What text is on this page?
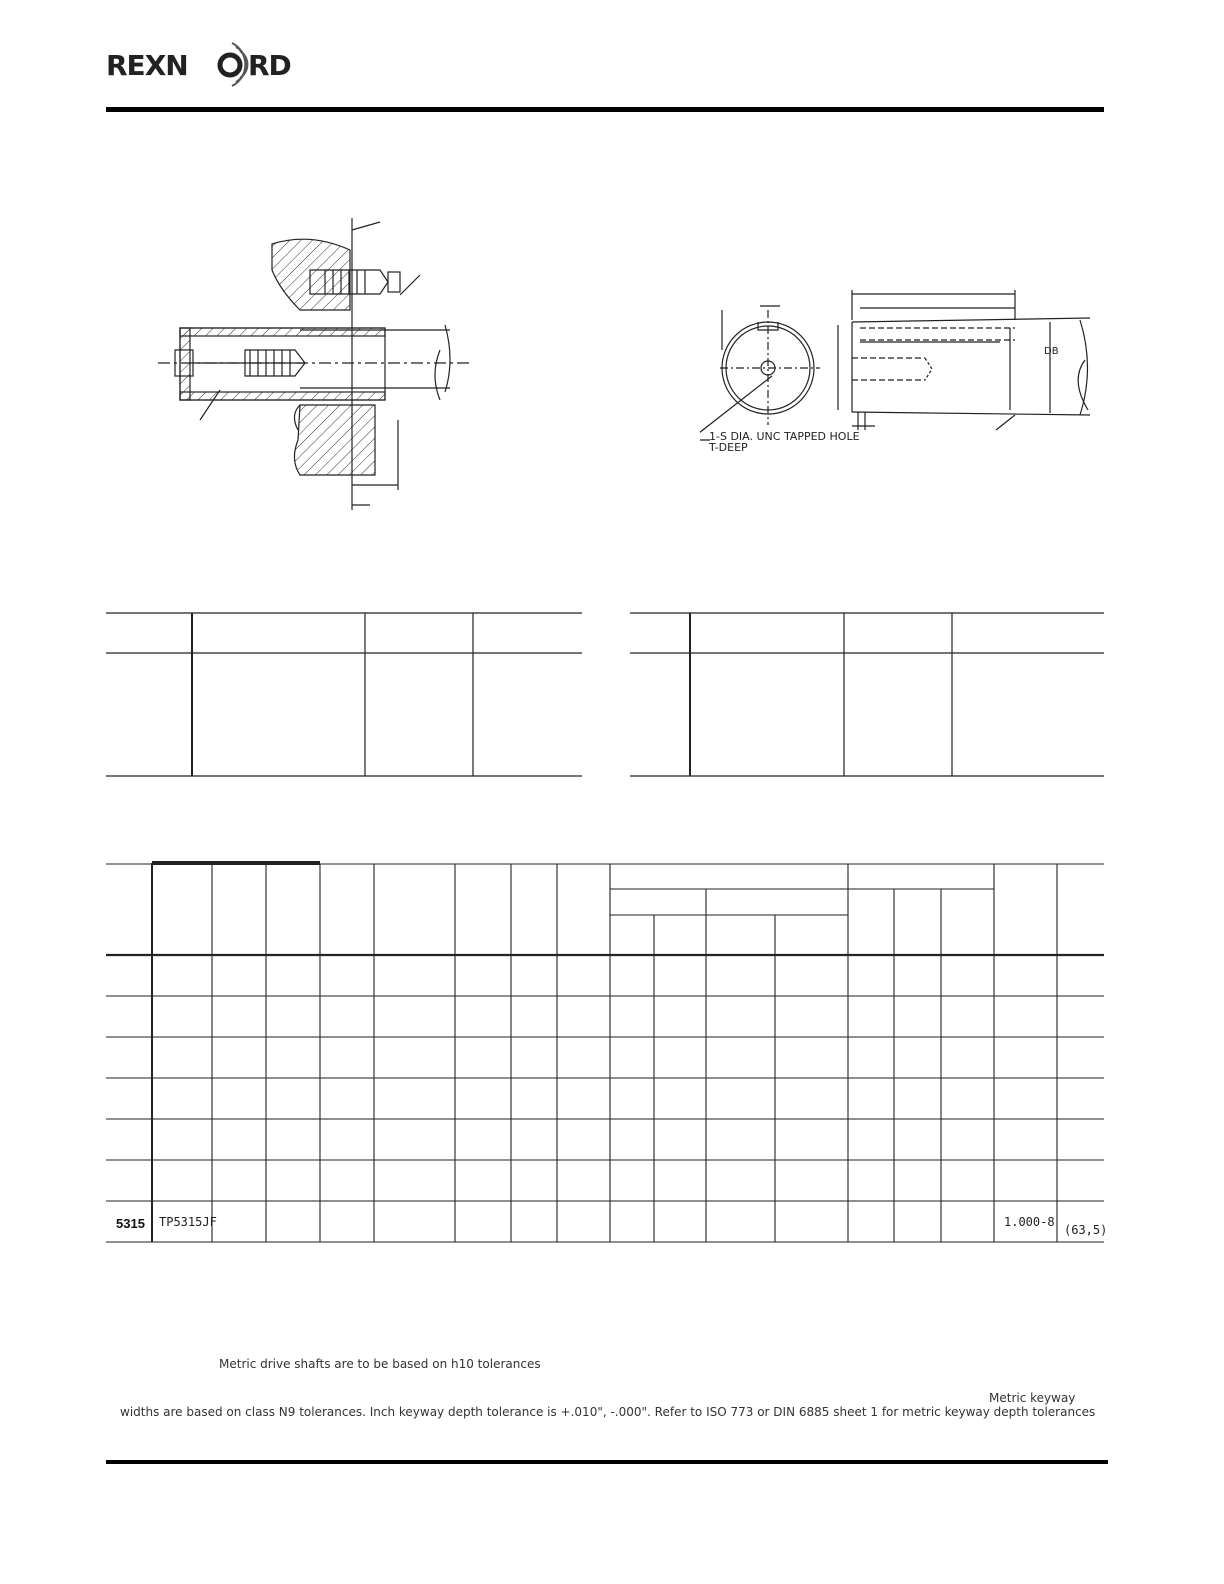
REXN RD
DB
1-S DIA. UNC TAPPED HOLE
T-DEEP
5315 TP5315JF	1.000-8
(63,5)
Metric drive shafts are to be based on h10 tolerances
Metric keyway
widths are based on class N9 tolerances. Inch keyway depth tolerance is +.010", -.000". Refer to ISO 773 or DIN 6885 sheet 1 for metric keyway depth tolerances
